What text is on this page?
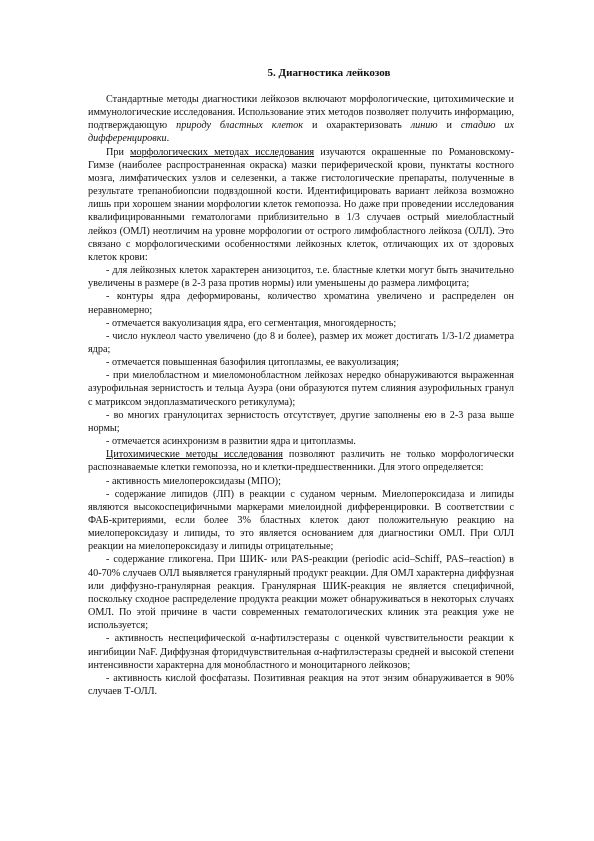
5. Диагностика лейкозов

Стандартные методы диагностики лейкозов включают морфологические, цитохимические и иммунологические исследования. Использование этих методов позволяет получить информацию, подтверждающую природу бластных клеток и охарактеризовать линию и стадию их дифференцировки.

При морфологических методах исследования изучаются окрашенные по Романовскому-Гимзе (наиболее распространенная окраска) мазки периферической крови, пунктаты костного мозга, лимфатических узлов и селезенки, а также гистологические препараты, полученные в результате трепанобиопсии подвздошной кости. Идентифицировать вариант лейкоза возможно лишь при хорошем знании морфологии клеток гемопоэза. Но даже при проведении исследования квалифицированными гематологами приблизительно в 1/3 случаев острый миелобластный лейкоз (ОМЛ) неотличим на уровне морфологии от острого лимфобластного лейкоза (ОЛЛ). Это связано с морфологическими особенностями лейкозных клеток, отличающих их от здоровых клеток крови:

- для лейкозных клеток характерен анизоцитоз, т.е. бластные клетки могут быть значительно увеличены в размере (в 2-3 раза против нормы) или уменьшены до размера лимфоцита;

- контуры ядра деформированы, количество хроматина увеличено и распределен он неравномерно;

- отмечается вакуолизация ядра, его сегментация, многоядерность;

- число нуклеол часто увеличено (до 8 и более), размер их может достигать 1/3-1/2 диаметра ядра;

- отмечается повышенная базофилия цитоплазмы, ее вакуолизация;

- при миелобластном и миеломонобластном лейкозах нередко обнаруживаются выраженная азурофильная зернистость и тельца Ауэра (они образуются путем слияния азурофильных гранул с матриксом эндоплазматического ретикулума);

- во многих гранулоцитах зернистость отсутствует, другие заполнены ею в 2-3 раза выше нормы;

- отмечается асинхронизм в развитии ядра и цитоплазмы.

Цитохимические методы исследования позволяют различить не только морфологически распознаваемые клетки гемопоэза, но и клетки-предшественники. Для этого определяется:

- активность миелопероксидазы (МПО);

- содержание липидов (ЛП) в реакции с суданом черным. Миелопероксидаза и липиды являются высокоспецифичными маркерами миелоидной дифференцировки. В соответствии с ФАБ-критериями, если более 3% бластных клеток дают положительную реакцию на миелопероксидазу и липиды, то это является основанием для диагностики ОМЛ. При ОЛЛ реакции на миелопероксидазу и липиды отрицательные;

- содержание гликогена. При ШИК- или PAS-реакции (periodic acid–Schiff, PAS–reaction) в 40-70% случаев ОЛЛ выявляется гранулярный продукт реакции. Для ОМЛ характерна диффузная или диффузно-гранулярная реакция. Гранулярная ШИК-реакция не является специфичной, поскольку сходное распределение продукта реакции может обнаруживаться в некоторых случаях ОМЛ. По этой причине в части современных гематологических клиник эта реакция уже не используется;

- активность неспецифической α-нафтилэстеразы с оценкой чувствительности реакции к ингибиции NaF. Диффузная фторидчувствительная α-нафтилэстеразы средней и высокой степени интенсивности характерна для монобластного и моноцитарного лейкозов;

- активность кислой фосфатазы. Позитивная реакция на этот энзим обнаруживается в 90% случаев Т-ОЛЛ.
